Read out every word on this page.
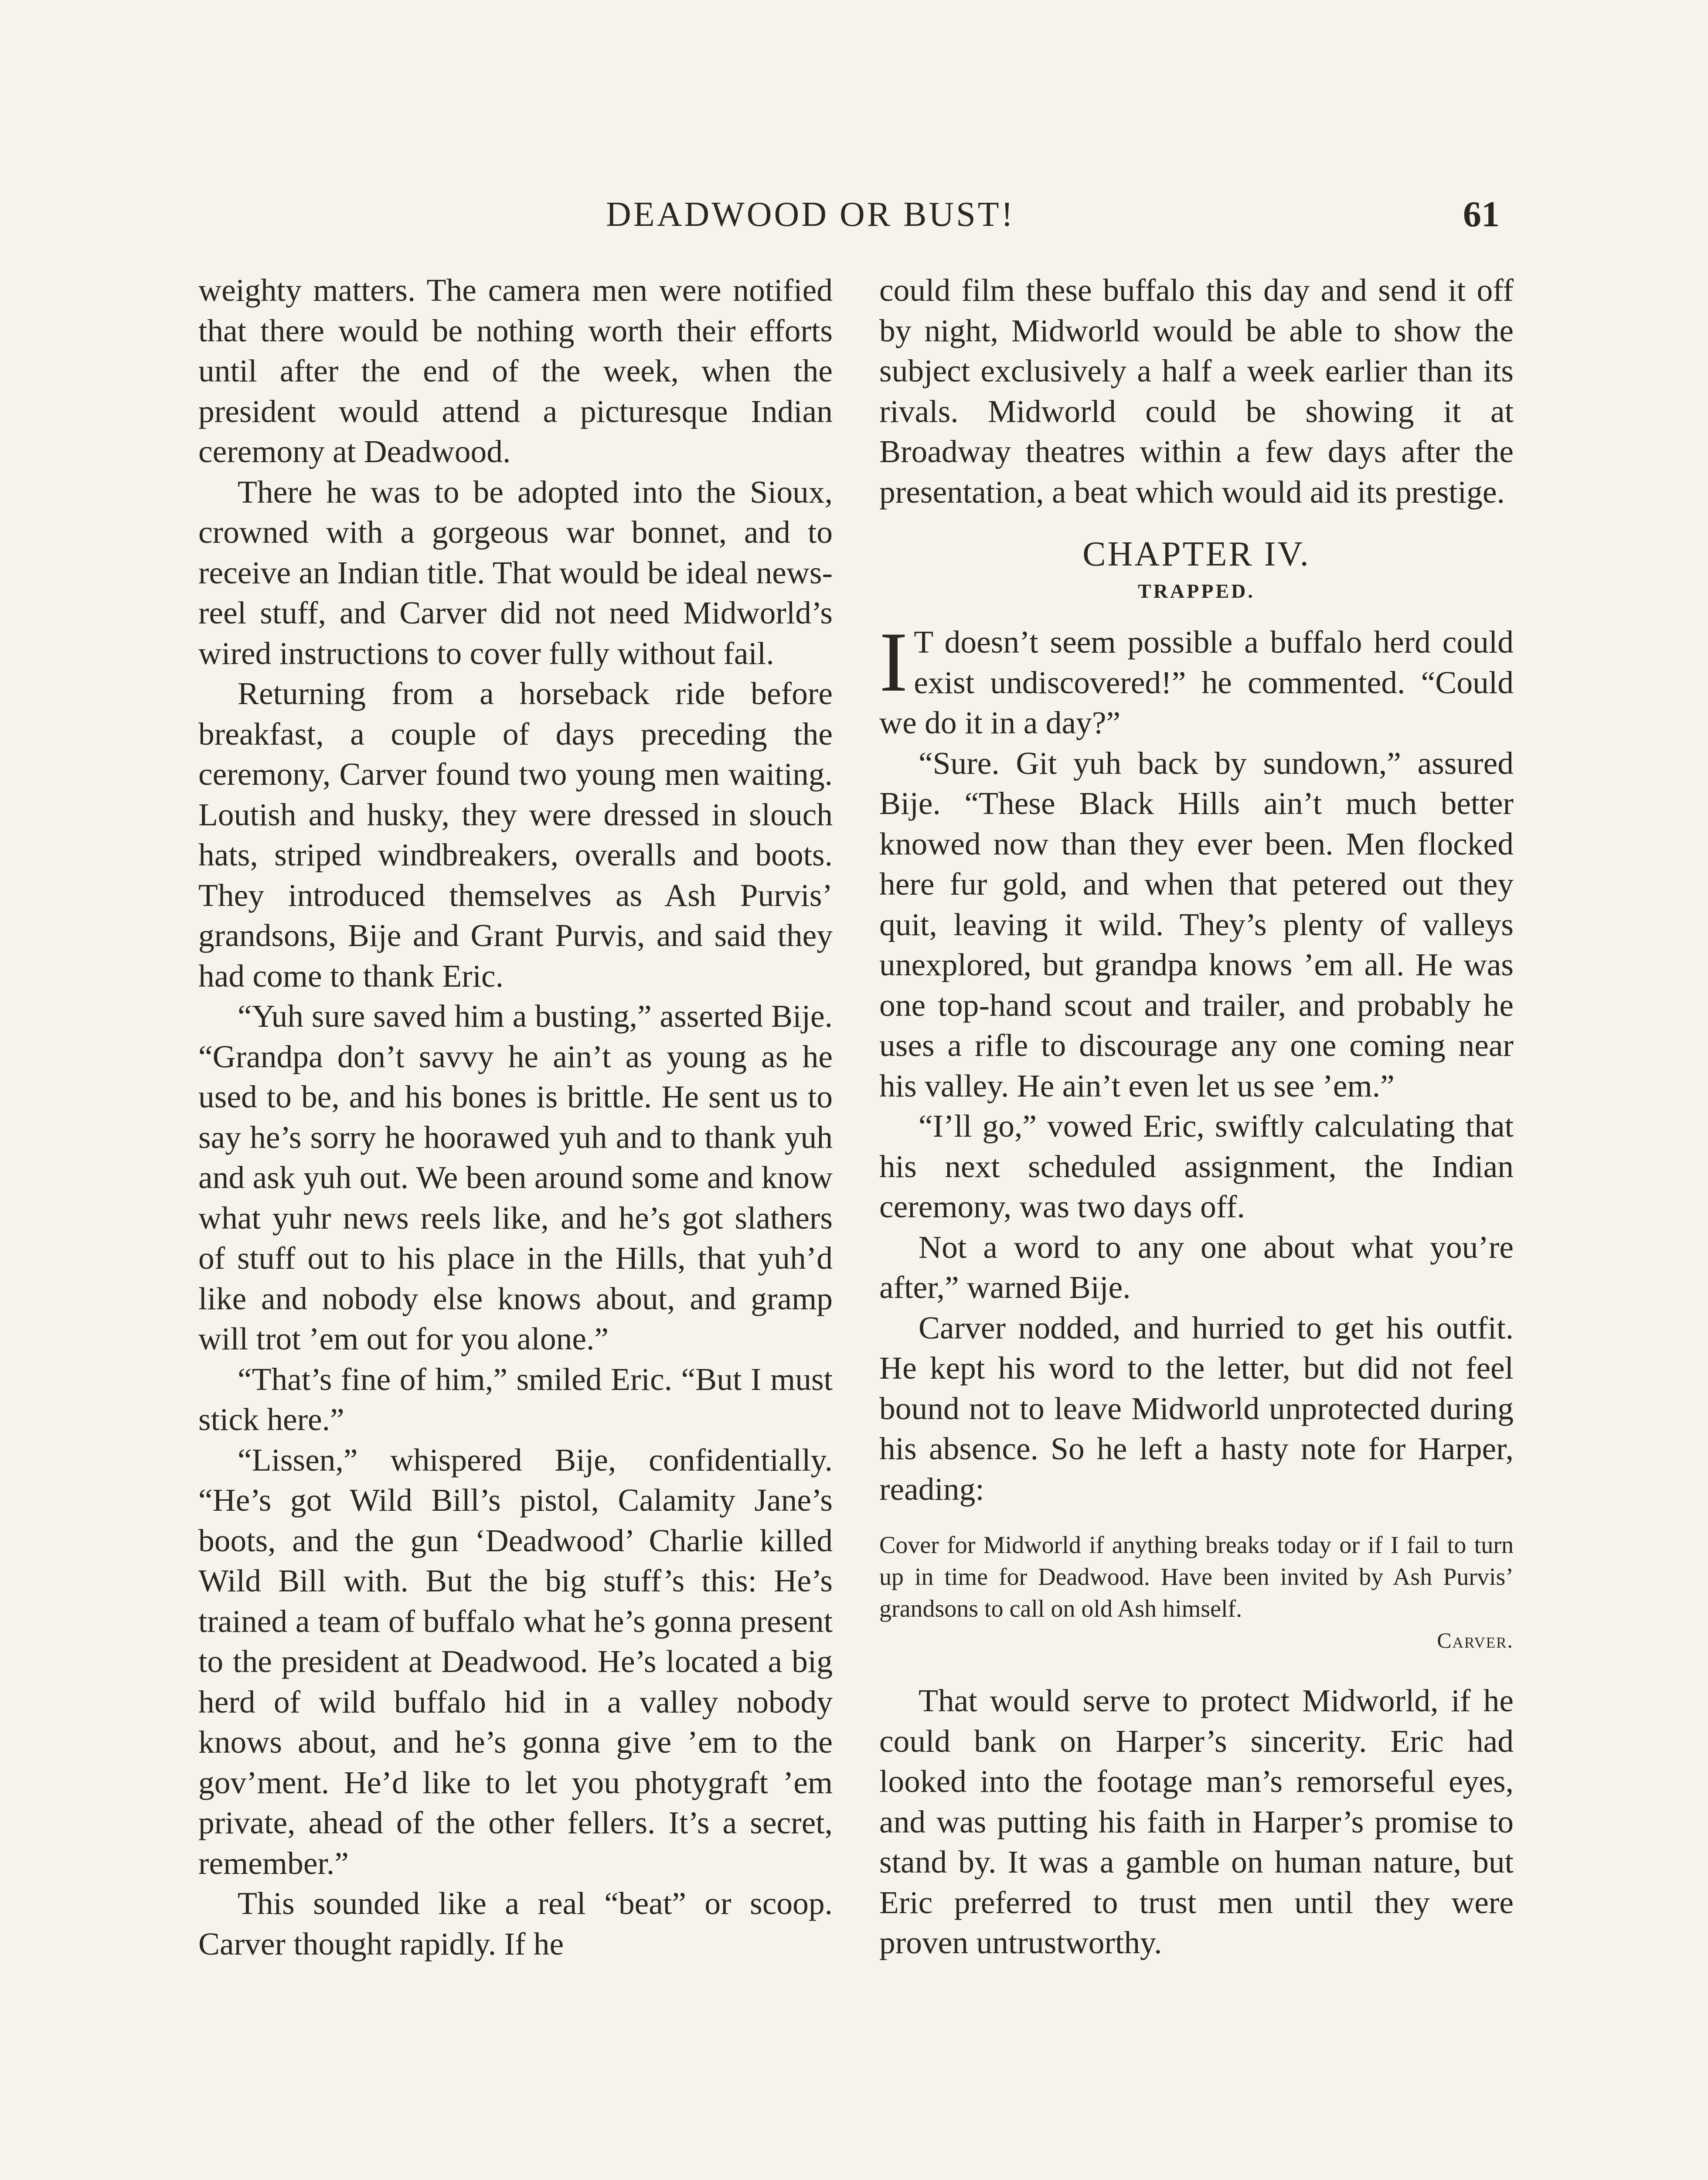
DEADWOOD OR BUST!	61

weighty matters. The camera men were notified that there would be nothing worth their efforts until after the end of the week, when the president would attend a picturesque Indian ceremony at Deadwood.

There he was to be adopted into the Sioux, crowned with a gorgeous war bonnet, and to receive an Indian title. That would be ideal news-reel stuff, and Carver did not need Midworld’s wired instructions to cover fully without fail.

Returning from a horseback ride before breakfast, a couple of days preceding the ceremony, Carver found two young men waiting. Loutish and husky, they were dressed in slouch hats, striped windbreakers, overalls and boots. They introduced themselves as Ash Purvis’ grandsons, Bije and Grant Purvis, and said they had come to thank Eric.

“Yuh sure saved him a busting,” asserted Bije. “Grandpa don’t savvy he ain’t as young as he used to be, and his bones is brittle. He sent us to say he’s sorry he hoorawed yuh and to thank yuh and ask yuh out. We been around some and know what yuhr news reels like, and he’s got slathers of stuff out to his place in the Hills, that yuh’d like and nobody else knows about, and gramp will trot ’em out for you alone.”

“That’s fine of him,” smiled Eric. “But I must stick here.”

“Lissen,” whispered Bije, confidentially. “He’s got Wild Bill’s pistol, Calamity Jane’s boots, and the gun ‘Deadwood’ Charlie killed Wild Bill with. But the big stuff’s this: He’s trained a team of buffalo what he’s gonna present to the president at Deadwood. He’s located a big herd of wild buffalo hid in a valley nobody knows about, and he’s gonna give ’em to the gov’ment. He’d like to let you photygraft ’em private, ahead of the other fellers. It’s a secret, remember.”

This sounded like a real “beat” or scoop. Carver thought rapidly. If he

could film these buffalo this day and send it off by night, Midworld would be able to show the subject exclusively a half a week earlier than its rivals. Midworld could be showing it at Broadway theatres within a few days after the presentation, a beat which would aid its prestige.

CHAPTER IV.

TRAPPED.

I T doesn’t seem possible a buffalo herd could exist undiscovered!” he commented. “Could we do it in a day?”

“Sure. Git yuh back by sundown,” assured Bije. “These Black Hills ain’t much better knowed now than they ever been. Men flocked here fur gold, and when that petered out they quit, leaving it wild. They’s plenty of valleys unexplored, but grandpa knows ’em all. He was one top-hand scout and trailer, and probably he uses a rifle to discourage any one coming near his valley. He ain’t even let us see ’em.”

“I’ll go,” vowed Eric, swiftly calculating that his next scheduled assignment, the Indian ceremony, was two days off.

Not a word to any one about what you’re after,” warned Bije.

Carver nodded, and hurried to get his outfit. He kept his word to the letter, but did not feel bound not to leave Midworld unprotected during his absence. So he left a hasty note for Harper, reading:

Cover for Midworld if anything breaks today or if I fail to turn up in time for Deadwood. Have been invited by Ash Purvis’ grandsons to call on old Ash himself.

Carver.

That would serve to protect Midworld, if he could bank on Harper’s sincerity. Eric had looked into the footage man’s remorseful eyes, and was putting his faith in Harper’s promise to stand by. It was a gamble on human nature, but Eric preferred to trust men until they were proven untrustworthy.
